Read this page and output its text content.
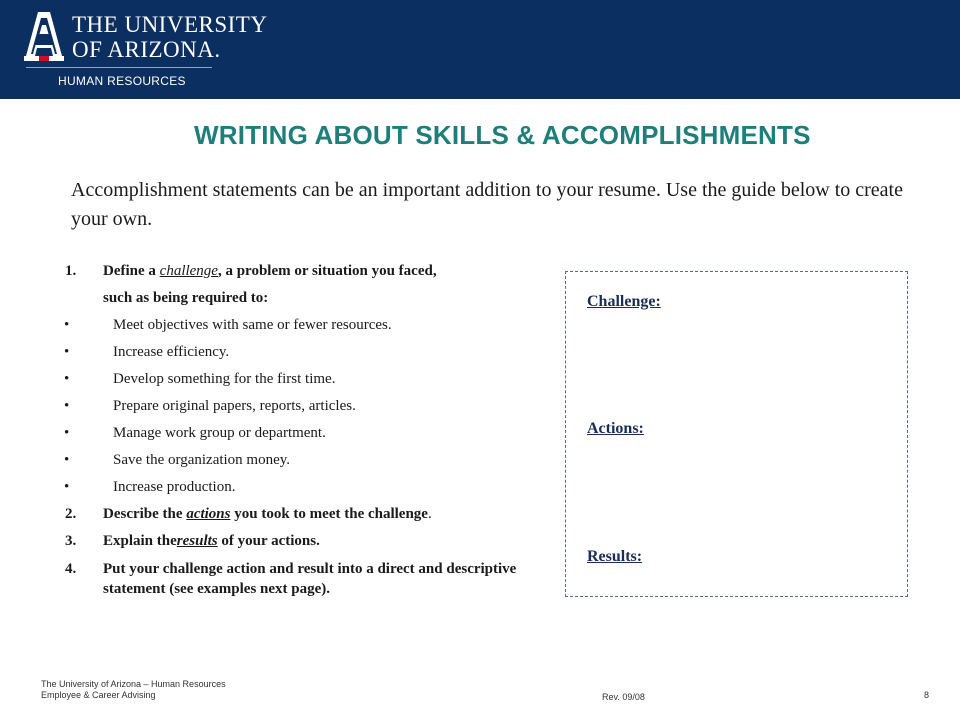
THE UNIVERSITY
OF ARIZONA.
HUMAN RESOURCES
WRITING ABOUT SKILLS & ACCOMPLISHMENTS

Accomplishment statements can be an important addition to your resume. Use the guide below to create your own.

1. Define a challenge, a problem or situation you faced,
such as being required to:
•	Meet objectives with same or fewer resources.
•	Increase efficiency.
•	Develop something for the first time.
•	Prepare original papers, reports, articles.
•	Manage work group or department.
•	Save the organization money.
•	Increase production.
2. Describe the actions you took to meet the challenge.
3. Explain theresults of your actions.
4. Put your challenge action and result into a direct and descriptive statement (see examples next page).
Challenge:
Actions:
Results:
The University of Arizona – Human Resources
Employee & Career Advising	Rev. 09/08	8
